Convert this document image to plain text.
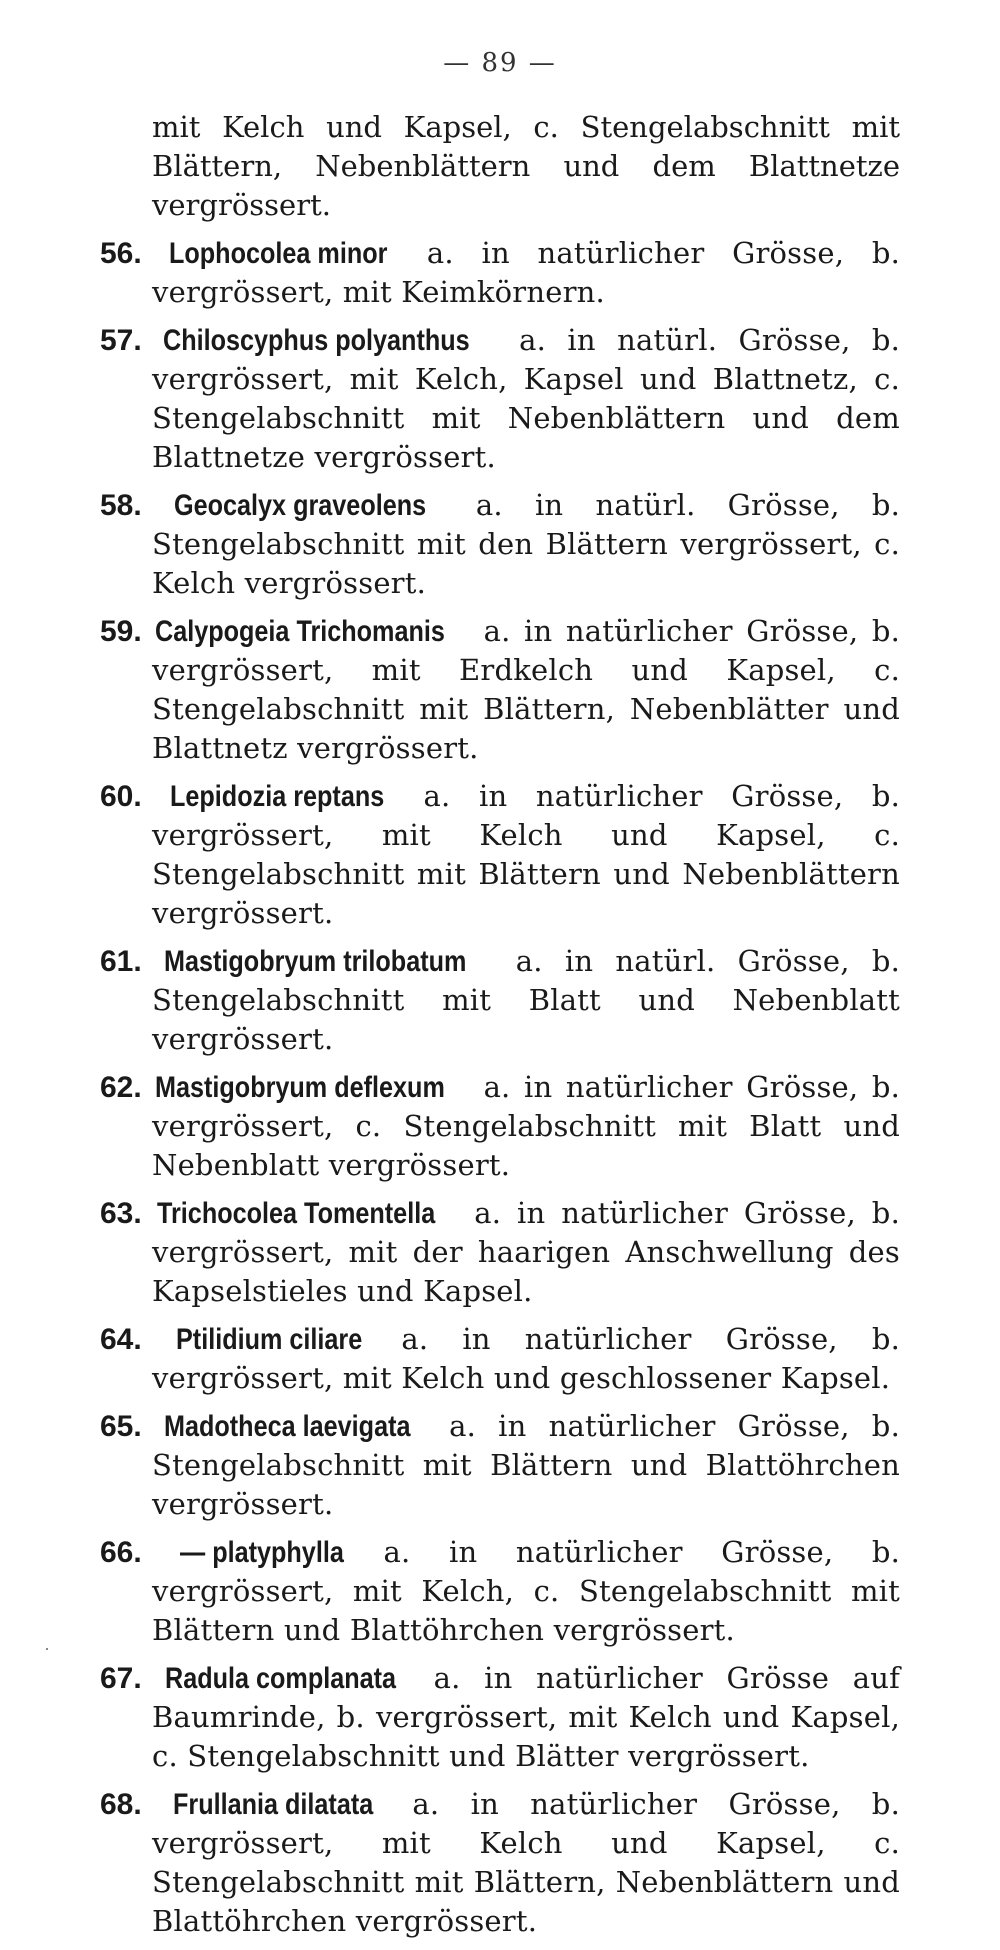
— 89 —

mit Kelch und Kapsel, c. Stengelabschnitt mit Blättern, Nebenblättern und dem Blattnetze vergrössert.

56. Lophocolea minor a. in natürlicher Grösse, b. vergrössert, mit Keimkörnern.

57. Chiloscyphus polyanthus a. in natürl. Grösse, b. vergrössert, mit Kelch, Kapsel und Blattnetz, c. Stengelabschnitt mit Nebenblättern und dem Blattnetze vergrössert.

58. Geocalyx graveolens a. in natürl. Grösse, b. Stengelabschnitt mit den Blättern vergrössert, c. Kelch vergrössert.

59. Calypogeia Trichomanis a. in natürlicher Grösse, b. vergrössert, mit Erdkelch und Kapsel, c. Stengelabschnitt mit Blättern, Nebenblätter und Blattnetz vergrössert.

60. Lepidozia reptans a. in natürlicher Grösse, b. vergrössert, mit Kelch und Kapsel, c. Stengelabschnitt mit Blättern und Nebenblättern vergrössert.

61. Mastigobryum trilobatum a. in natürl. Grösse, b. Stengelabschnitt mit Blatt und Nebenblatt vergrössert.

62. Mastigobryum deflexum a. in natürlicher Grösse, b. vergrössert, c. Stengelabschnitt mit Blatt und Nebenblatt vergrössert.

63. Trichocolea Tomentella a. in natürlicher Grösse, b. vergrössert, mit der haarigen Anschwellung des Kapselstieles und Kapsel.

64. Ptilidium ciliare a. in natürlicher Grösse, b. vergrössert, mit Kelch und geschlossener Kapsel.

65. Madotheca laevigata a. in natürlicher Grösse, b. Stengelabschnitt mit Blättern und Blattöhrchen vergrössert.

66. — platyphylla a. in natürlicher Grösse, b. vergrössert, mit Kelch, c. Stengelabschnitt mit Blättern und Blattöhrchen vergrössert.

67. Radula complanata a. in natürlicher Grösse auf Baumrinde, b. vergrössert, mit Kelch und Kapsel, c. Stengelabschnitt und Blätter vergrössert.

68. Frullania dilatata a. in natürlicher Grösse, b. vergrössert, mit Kelch und Kapsel, c. Stengelabschnitt mit Blättern, Nebenblättern und Blattöhrchen vergrössert.
